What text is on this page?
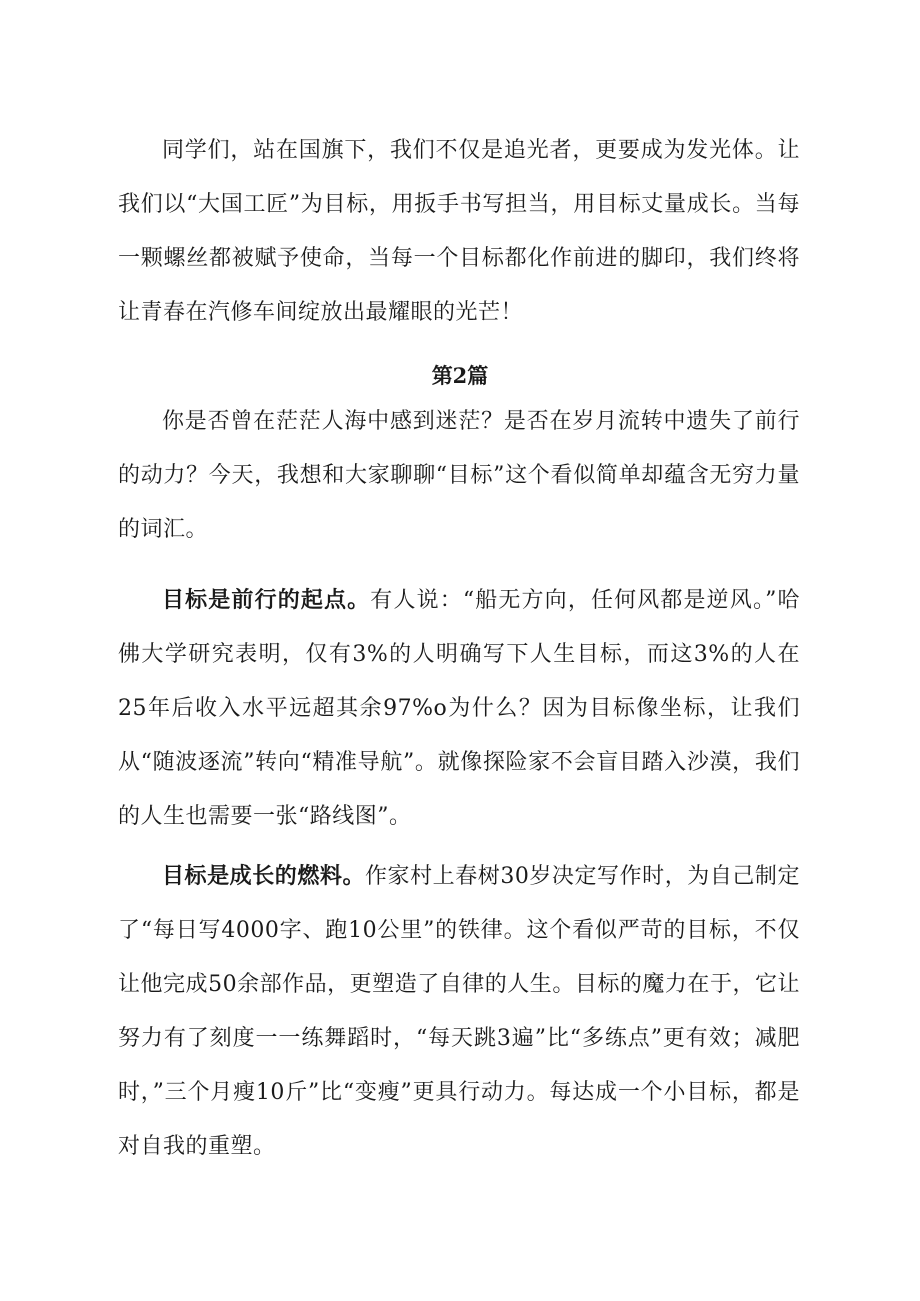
同学们，站在国旗下，我们不仅是追光者，更要成为发光体。让我们以“大国工匠”为目标，用扳手书写担当，用目标丈量成长。当每一颗螺丝都被赋予使命，当每一个目标都化作前进的脚印，我们终将让青春在汽修车间绽放出最耀眼的光芒！

第2篇

你是否曾在茫茫人海中感到迷茫？是否在岁月流转中遗失了前行的动力？今天，我想和大家聊聊“目标”这个看似简单却蕴含无穷力量的词汇。

目标是前行的起点。有人说：“船无方向，任何风都是逆风。”哈佛大学研究表明，仅有3%的人明确写下人生目标，而这3%的人在25年后收入水平远超其余97%o为什么？因为目标像坐标，让我们从“随波逐流”转向“精准导航”。就像探险家不会盲目踏入沙漠，我们的人生也需要一张“路线图”。

目标是成长的燃料。作家村上春树30岁决定写作时，为自己制定了“每日写4000字、跑10公里”的铁律。这个看似严苛的目标，不仅让他完成50余部作品，更塑造了自律的人生。目标的魔力在于，它让努力有了刻度一一练舞蹈时，“每天跳3遍”比“多练点”更有效；减肥时，”三个月瘦10斤”比“变瘦”更具行动力。每达成一个小目标，都是对自我的重塑。
